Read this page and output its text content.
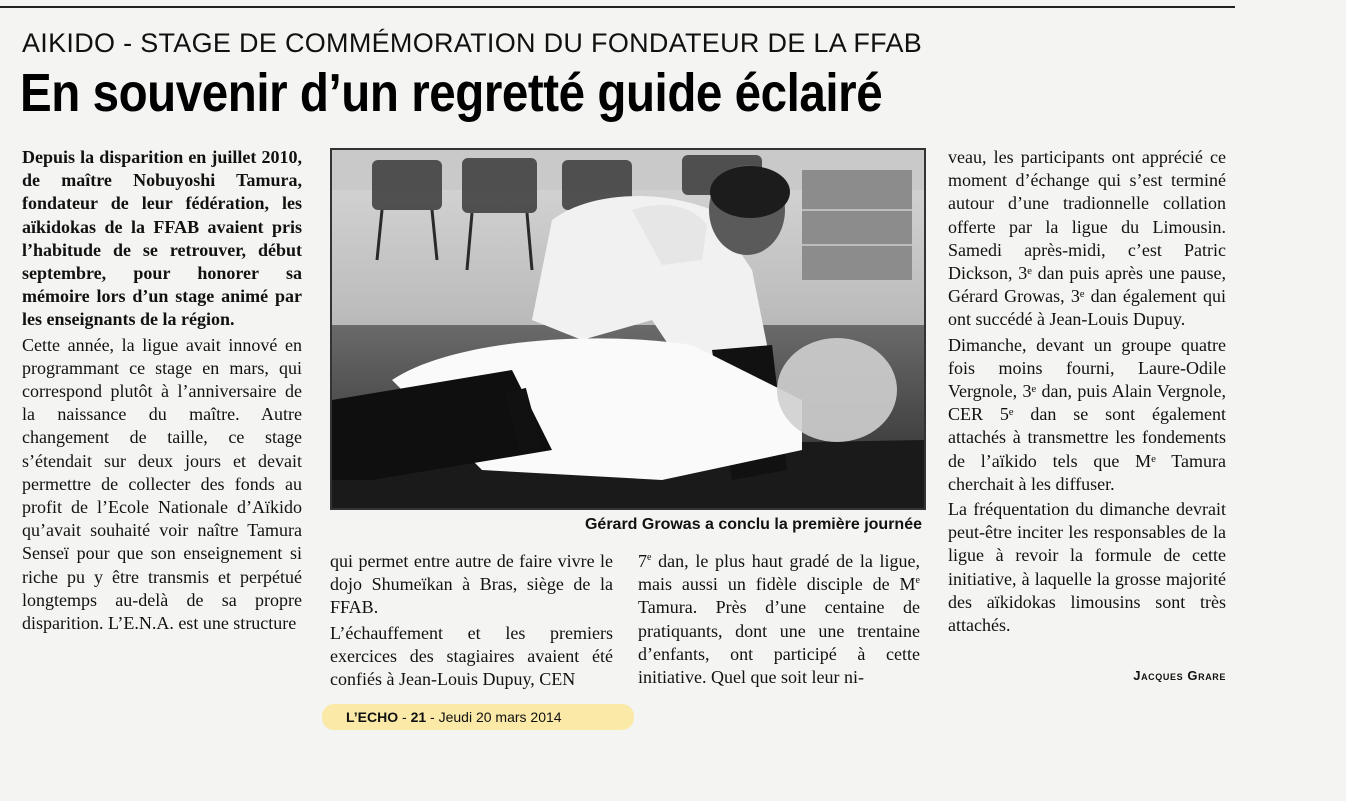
AIKIDO - STAGE DE COMMÉMORATION DU FONDATEUR DE LA FFAB
En souvenir d’un regretté guide éclairé

Depuis la disparition en juillet 2010, de maître Nobuyoshi Tamura, fondateur de leur fédération, les aïkidokas de la FFAB avaient pris l’habitude de se retrouver, début septembre, pour honorer sa mémoire lors d’un stage animé par les enseignants de la région.

Cette année, la ligue avait innové en programmant ce stage en mars, qui correspond plutôt à l’anniversaire de la naissance du maître. Autre changement de taille, ce stage s’étendait sur deux jours et devait permettre de collecter des fonds au profit de l’Ecole Nationale d’Aïkido qu’avait souhaité voir naître Tamura Senseï pour que son enseignement si riche pu y être transmis et perpétué longtemps au-delà de sa propre disparition. L’E.N.A. est une structure

Gérard Growas a conclu la première journée

qui permet entre autre de faire vivre le dojo Shumeïkan à Bras, siège de la FFAB.

L’échauffement et les premiers exercices des stagiaires avaient été confiés à Jean-Louis Dupuy, CEN

7e dan, le plus haut gradé de la ligue, mais aussi un fidèle disciple de Me Tamura. Près d’une centaine de pratiquants, dont une une trentaine d’enfants, ont participé à cette initiative. Quel que soit leur ni-

veau, les participants ont apprécié ce moment d’échange qui s’est terminé autour d’une tradionnelle collation offerte par la ligue du Limousin. Samedi après-midi, c’est Patric Dickson, 3ᵉ dan puis après une pause, Gérard Growas, 3ᵉ dan également qui ont succédé à Jean-Louis Dupuy.

Dimanche, devant un groupe quatre fois moins fourni, Laure-Odile Vergnole, 3ᵉ dan, puis Alain Vergnole, CER 5ᵉ dan se sont également attachés à transmettre les fondements de l’aïkido tels que Mᵉ Tamura cherchait à les diffuser.

La fréquentation du dimanche devrait peut-être inciter les responsables de la ligue à revoir la formule de cette initiative, à laquelle la grosse majorité des aïkidokas limousins sont très attachés.

Jacques Grare
L’ECHO - 21 - Jeudi 20 mars 2014
